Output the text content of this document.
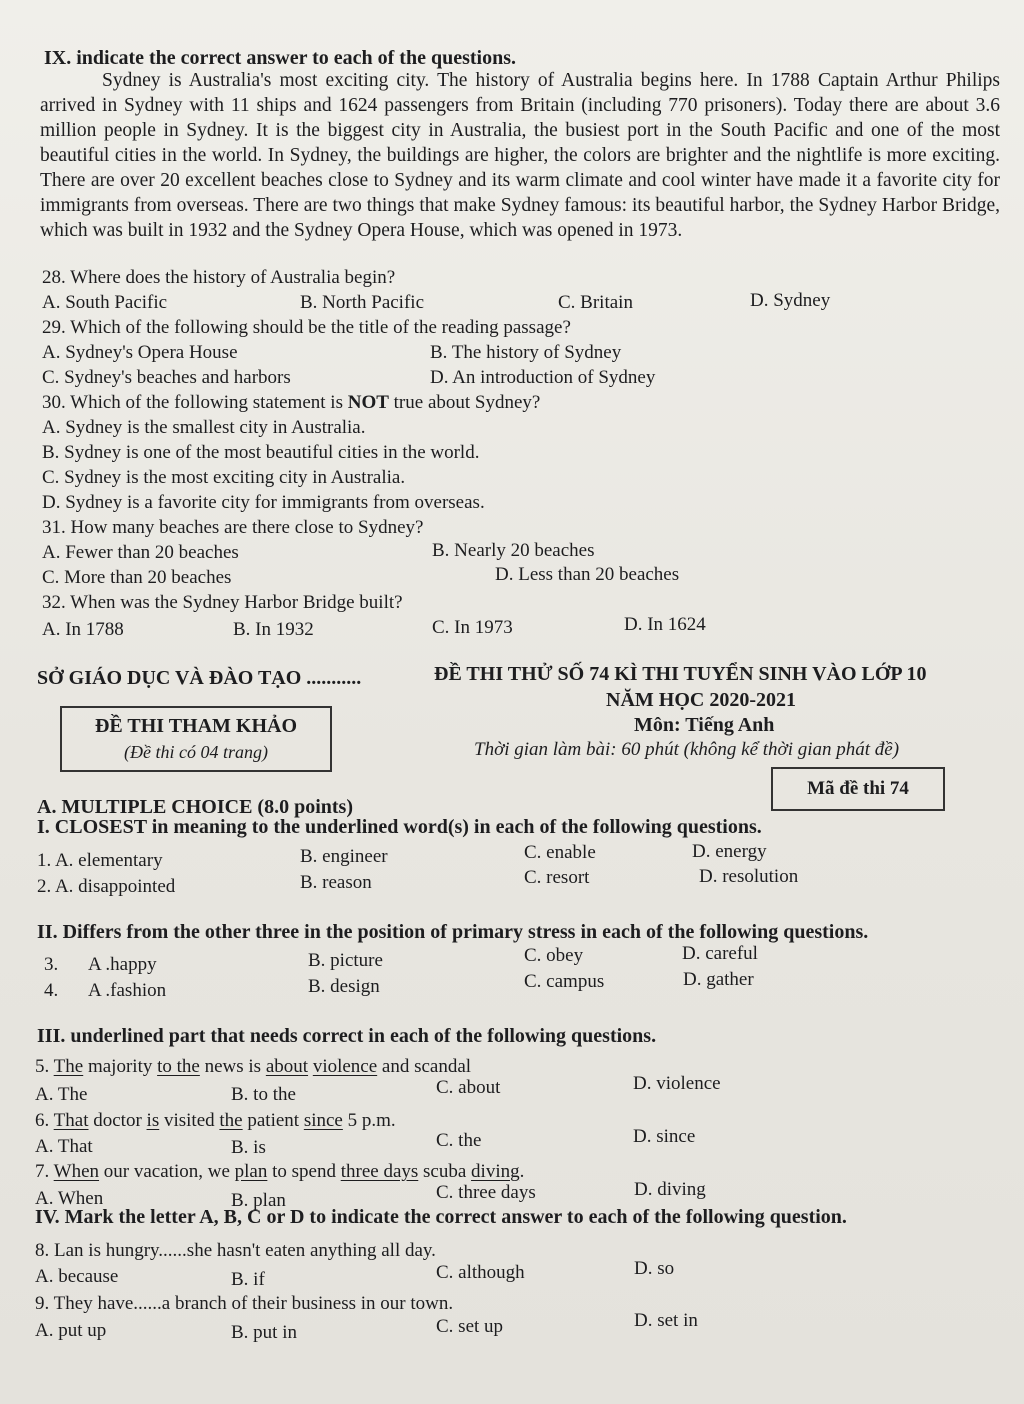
IX. indicate the correct answer to each of the questions.

Sydney is Australia's most exciting city. The history of Australia begins here. In 1788 Captain Arthur Philips arrived in Sydney with 11 ships and 1624 passengers from Britain (including 770 prisoners). Today there are about 3.6 million people in Sydney. It is the biggest city in Australia, the busiest port in the South Pacific and one of the most beautiful cities in the world. In Sydney, the buildings are higher, the colors are brighter and the nightlife is more exciting. There are over 20 excellent beaches close to Sydney and its warm climate and cool winter have made it a favorite city for immigrants from overseas. There are two things that make Sydney famous: its beautiful harbor, the Sydney Harbor Bridge, which was built in 1932 and the Sydney Opera House, which was opened in 1973.

28. Where does the history of Australia begin?
A. South Pacific	B. North Pacific	C. Britain	D. Sydney
29. Which of the following should be the title of the reading passage?
A. Sydney's Opera House	B. The history of Sydney
C. Sydney's beaches and harbors	D. An introduction of Sydney
30. Which of the following statement is NOT true about Sydney?
A. Sydney is the smallest city in Australia.
B. Sydney is one of the most beautiful cities in the world.
C. Sydney is the most exciting city in Australia.
D. Sydney is a favorite city for immigrants from overseas.
31. How many beaches are there close to Sydney?
A. Fewer than 20 beaches	B. Nearly 20 beaches
C. More than 20 beaches	D. Less than 20 beaches
32. When was the Sydney Harbor Bridge built?
A. In 1788	B. In 1932	C. In 1973	D. In 1624
SỞ GIÁO DỤC VÀ ĐÀO TẠO ...........	ĐỀ THI THỬ SỐ 74 KÌ THI TUYỂN SINH VÀO LỚP 10
NĂM HỌC 2020-2021
ĐỀ THI THAM KHẢO
(Đề thi có 04 trang)
Môn: Tiếng Anh
Thời gian làm bài: 60 phút (không kể thời gian phát đề)
Mã đề thi 74
A. MULTIPLE CHOICE (8.0 points)
I. CLOSEST in meaning to the underlined word(s) in each of the following questions.
1. A. elementary	B. engineer	C. enable	D. energy
2. A. disappointed	B. reason	C. resort	D. resolution
II. Differs from the other three in the position of primary stress in each of the following questions.
3. A .happy	B. picture	C. obey	D. careful
4. A .fashion	B. design	C. campus	D. gather
III. underlined part that needs correct in each of the following questions.
5. The majority to the news is about violence and scandal
A. The	B. to the	C. about	D. violence
6. That doctor is visited the patient since 5 p.m.
A. That	B. is	C. the	D. since
7. When our vacation, we plan to spend three days scuba diving.
A. When	B. plan	C. three days	D. diving
IV. Mark the letter A, B, C or D to indicate the correct answer to each of the following question.
8. Lan is hungry......she hasn't eaten anything all day.
A. because	B. if	C. although	D. so
9. They have......a branch of their business in our town.
A. put up	B. put in	C. set up	D. set in
